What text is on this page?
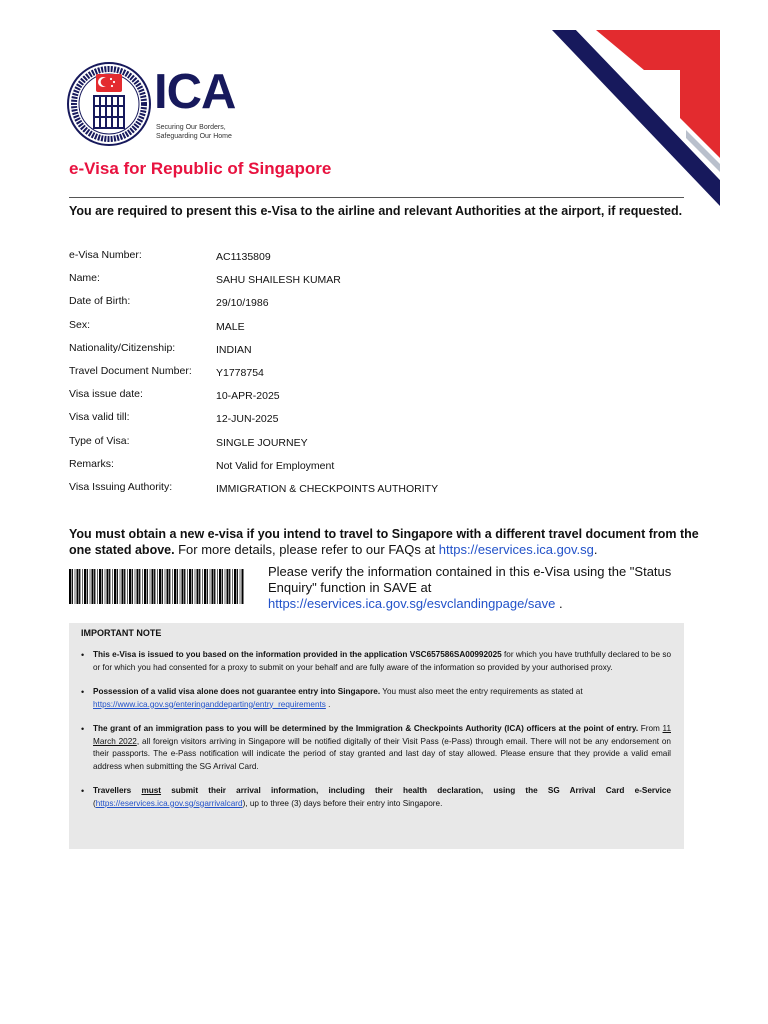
ICA
Securing Our Borders,
Safeguarding Our Home
e-Visa for Republic of Singapore
You are required to present this e-Visa to the airline and relevant Authorities at the airport, if requested.
e-Visa Number:	AC1135809
Name:	SAHU SHAILESH KUMAR
Date of Birth:	29/10/1986
Sex:	MALE
Nationality/Citizenship:	INDIAN
Travel Document Number: Y1778754
Visa issue date:	10-APR-2025
Visa valid till:	12-JUN-2025
Type of Visa:	SINGLE JOURNEY
Remarks:	Not Valid for Employment
Visa Issuing Authority:	IMMIGRATION & CHECKPOINTS AUTHORITY
You must obtain a new e-visa if you intend to travel to Singapore with a different travel document from the one stated above. For more details, please refer to our FAQs at https://eservices.ica.gov.sg.
Please verify the information contained in this e-Visa using the "Status Enquiry" function in SAVE at
https://eservices.ica.gov.sg/esvclandingpage/save .
IMPORTANT NOTE
• This e-Visa is issued to you based on the information provided in the application VSC657586SA00992025 for which you have truthfully declared to be so or for which you had consented for a proxy to submit on your behalf and are fully aware of the information so provided by your authorised proxy.
• Possession of a valid visa alone does not guarantee entry into Singapore. You must also meet the entry requirements as stated at
https://www.ica.gov.sg/enteringanddeparting/entry_requirements .
• The grant of an immigration pass to you will be determined by the Immigration & Checkpoints Authority (ICA) officers at the point of entry. From 11 March 2022, all foreign visitors arriving in Singapore will be notified digitally of their Visit Pass (e-Pass) through email. There will not be any endorsement on their passports. The e-Pass notification will indicate the period of stay granted and last day of stay allowed. Please ensure that they provide a valid email address when submitting the SG Arrival Card.
• Travellers must submit their arrival information, including their health declaration, using the SG Arrival Card e-Service (https://eservices.ica.gov.sg/sgarrivalcard), up to three (3) days before their entry into Singapore.
